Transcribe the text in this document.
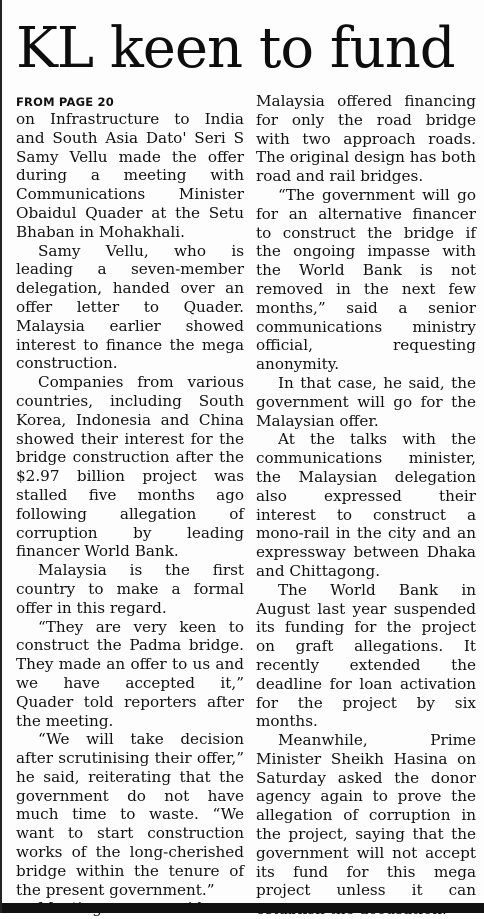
KL keen to fund
FROM PAGE 20

on Infrastructure to India and South Asia Dato' Seri S Samy Vellu made the offer during a meeting with Communications Minister Obaidul Quader at the Setu Bhaban in Mohakhali.

Samy Vellu, who is leading a seven-member delegation, handed over an offer letter to Quader. Malaysia earlier showed interest to finance the mega construction.

Companies from various countries, including South Korea, Indonesia and China showed their interest for the bridge construction after the $2.97 billion project was stalled five months ago following allegation of corruption by leading financer World Bank.

Malaysia is the first country to make a formal offer in this regard.

“They are very keen to construct the Padma bridge. They made an offer to us and we have accepted it,” Quader told reporters after the meeting.

“We will take decision after scrutinising their offer,” he said, reiterating that the government do not have much time to waste. “We want to start construction works of the long-cherished bridge within the tenure of the present government.”

Malaysia offered financing for only the road bridge with two approach roads. The original design has both road and rail bridges.

“The government will go for an alternative financer to construct the bridge if the ongoing impasse with the World Bank is not removed in the next few months,” said a senior communications ministry official, requesting anonymity.

In that case, he said, the government will go for the Malaysian offer.

At the talks with the communications minister, the Malaysian delegation also expressed their interest to construct a mono-rail in the city and an expressway between Dhaka and Chittagong.

The World Bank in August last year suspended its funding for the project on graft allegations. It recently extended the deadline for loan activation for the project by six months.

Meanwhile, Prime Minister Sheikh Hasina on Saturday asked the donor agency again to prove the allegation of corruption in the project, saying that the government will not accept its fund for this mega project unless it can
